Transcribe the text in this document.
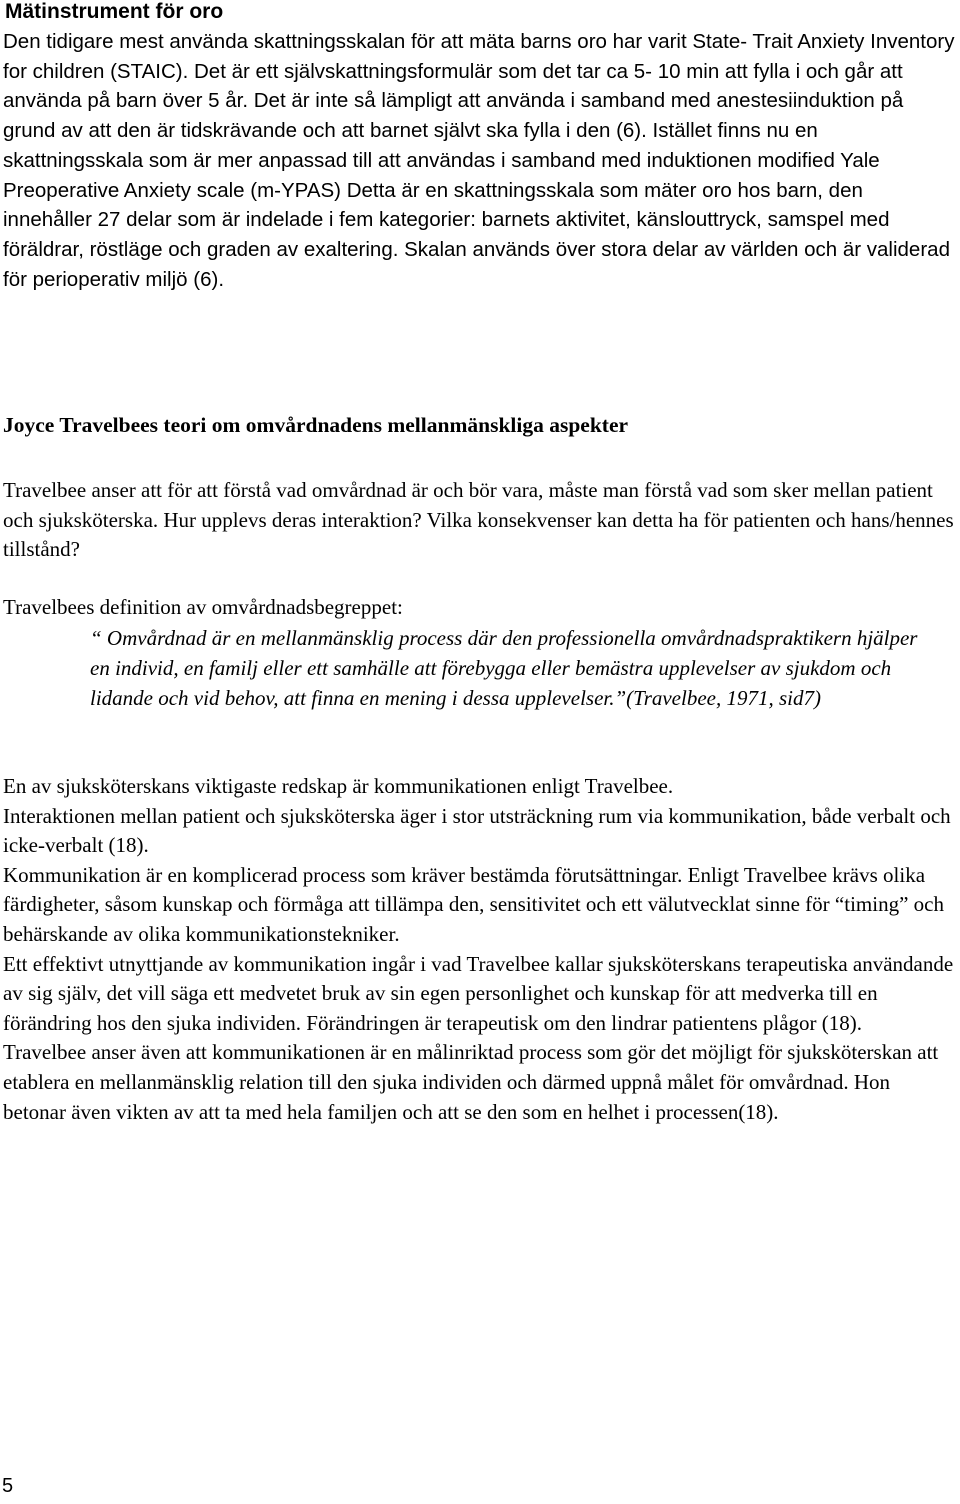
Mätinstrument för oro

Den tidigare mest använda skattningsskalan för att mäta barns oro har varit State- Trait Anxiety Inventory for children (STAIC). Det är ett självskattningsformulär som det tar ca 5- 10 min att fylla i och går att använda på barn över 5 år. Det är inte så lämpligt att använda i samband med anestesiinduktion på grund av att den är tidskrävande och att barnet självt ska fylla i den (6). Istället finns nu en skattningsskala som är mer anpassad till att användas i samband med induktionen modified Yale Preoperative Anxiety scale (m-YPAS) Detta är en skattningsskala som mäter oro hos barn, den innehåller 27 delar som är indelade i fem kategorier: barnets aktivitet, känslouttryck, samspel med föräldrar, röstläge och graden av exaltering. Skalan används över stora delar av världen och är validerad för perioperativ miljö (6).

Joyce Travelbees teori om omvårdnadens mellanmänskliga aspekter

Travelbee anser att för att förstå vad omvårdnad är och bör vara, måste man förstå vad som sker mellan patient och sjuksköterska. Hur upplevs deras interaktion? Vilka konsekvenser kan detta ha för patienten och hans/hennes tillstånd?

Travelbees definition av omvårdnadsbegreppet:

“ Omvårdnad är en mellanmänsklig process där den professionella omvårdnadspraktikern hjälper en individ, en familj eller ett samhälle att förebygga eller bemästra upplevelser av sjukdom och lidande och vid behov, att finna en mening i dessa upplevelser.”(Travelbee, 1971, sid7)

En av sjuksköterskans viktigaste redskap är kommunikationen enligt Travelbee.
Interaktionen mellan patient och sjuksköterska äger i stor utsträckning rum via kommunikation, både verbalt och icke-verbalt (18).
Kommunikation är en komplicerad process som kräver bestämda förutsättningar. Enligt Travelbee krävs olika färdigheter, såsom kunskap och förmåga att tillämpa den, sensitivitet och ett välutvecklat sinne för “timing” och behärskande av olika kommunikationstekniker.
Ett effektivt utnyttjande av kommunikation ingår i vad Travelbee kallar sjuksköterskans terapeutiska användande av sig själv, det vill säga ett medvetet bruk av sin egen personlighet och kunskap för att medverka till en förändring hos den sjuka individen. Förändringen är terapeutisk om den lindrar patientens plågor (18).
Travelbee anser även att kommunikationen är en målinriktad process som gör det möjligt för sjuksköterskan att etablera en mellanmänsklig relation till den sjuka individen och därmed uppnå målet för omvårdnad. Hon betonar även vikten av att ta med hela familjen och att se den som en helhet i processen(18).
5
